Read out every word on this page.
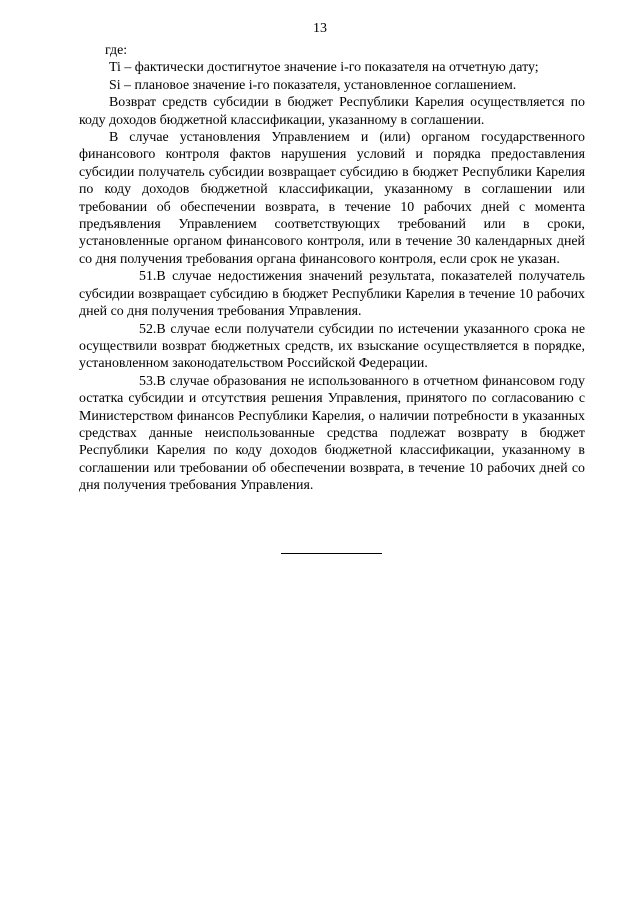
13

где:

Ti – фактически достигнутое значение i-го показателя на отчетную дату;

Si – плановое значение i-го показателя, установленное соглашением.

Возврат средств субсидии в бюджет Республики Карелия осуществляется по коду доходов бюджетной классификации, указанному в соглашении.

В случае установления Управлением и (или) органом государственного финансового контроля фактов нарушения условий и порядка предоставления субсидии получатель субсидии возвращает субсидию в бюджет Республики Карелия по коду доходов бюджетной классификации, указанному в соглашении или требовании об обеспечении возврата, в течение 10 рабочих дней с момента предъявления Управлением соответствующих требований или в сроки, установленные органом финансового контроля, или в течение 30 календарных дней со дня получения требования органа финансового контроля, если срок не указан.

51.В случае недостижения значений результата, показателей получатель субсидии возвращает субсидию в бюджет Республики Карелия в течение 10 рабочих дней со дня получения требования Управления.

52.В случае если получатели субсидии по истечении указанного срока не осуществили возврат бюджетных средств, их взыскание осуществляется в порядке, установленном законодательством Российской Федерации.

53.В случае образования не использованного в отчетном финансовом году остатка субсидии и отсутствия решения Управления, принятого по согласованию с Министерством финансов Республики Карелия, о наличии потребности в указанных средствах данные неиспользованные средства подлежат возврату в бюджет Республики Карелия по коду доходов бюджетной классификации, указанному в соглашении или требовании об обеспечении возврата, в течение 10 рабочих дней со дня получения требования Управления.
